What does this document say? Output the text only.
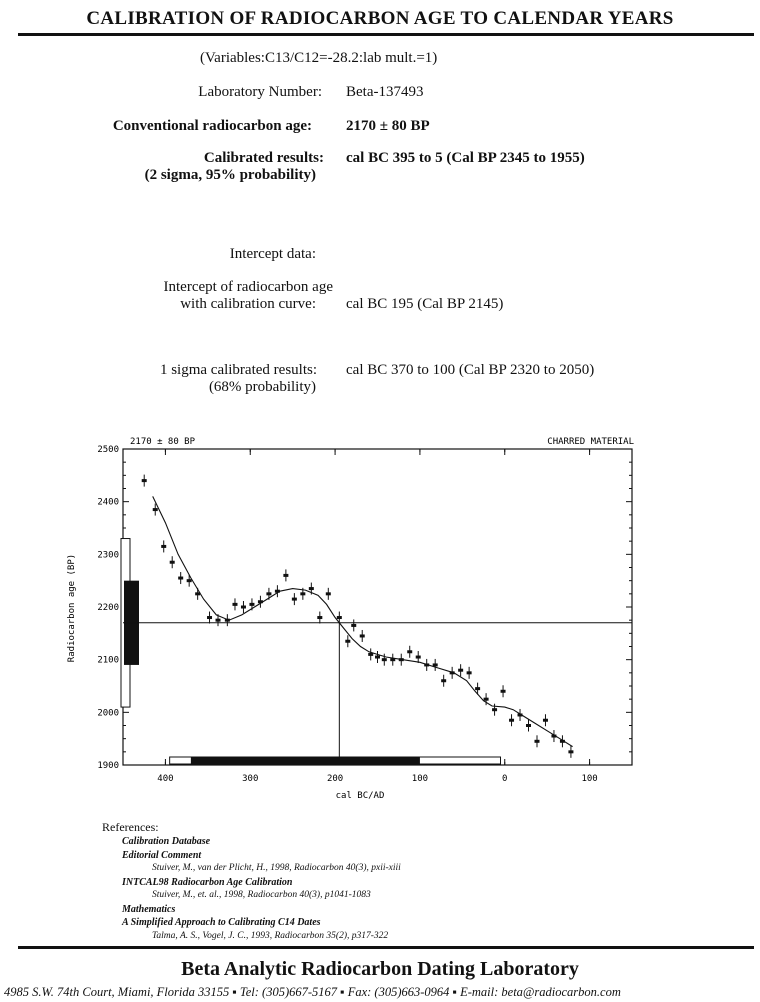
CALIBRATION OF RADIOCARBON AGE TO CALENDAR YEARS
(Variables:C13/C12=-28.2:lab mult.=1)
Laboratory Number: Beta-137493
Conventional radiocarbon age: 2170 ± 80 BP
Calibrated results:
(2 sigma, 95% probability)
cal BC 395 to 5 (Cal BP 2345 to 1955)
Intercept data:
Intercept of radiocarbon age
with calibration curve: cal BC 195 (Cal BP 2145)
1 sigma calibrated results:
(68% probability)
cal BC 370 to 100 (Cal BP 2320 to 2050)
2170 ± 80 BP	CHARRED MATERIAL
Radiocarbon age (BP)
cal BC/AD
1900
2000
2100
2200
2300
2400
2500
400	300	200	100	0	100
References:
Calibration Database
Editorial Comment
Stuiver, M., van der Plicht, H., 1998, Radiocarbon 40(3), pxii-xiii
INTCAL98 Radiocarbon Age Calibration
Stuiver, M., et. al., 1998, Radiocarbon 40(3), p1041-1083
Mathematics
A Simplified Approach to Calibrating C14 Dates
Talma, A. S., Vogel, J. C., 1993, Radiocarbon 35(2), p317-322
Beta Analytic Radiocarbon Dating Laboratory
4985 S.W. 74th Court, Miami, Florida 33155 ▪ Tel: (305)667-5167 ▪ Fax: (305)663-0964 ▪ E-mail: beta@radiocarbon.com
